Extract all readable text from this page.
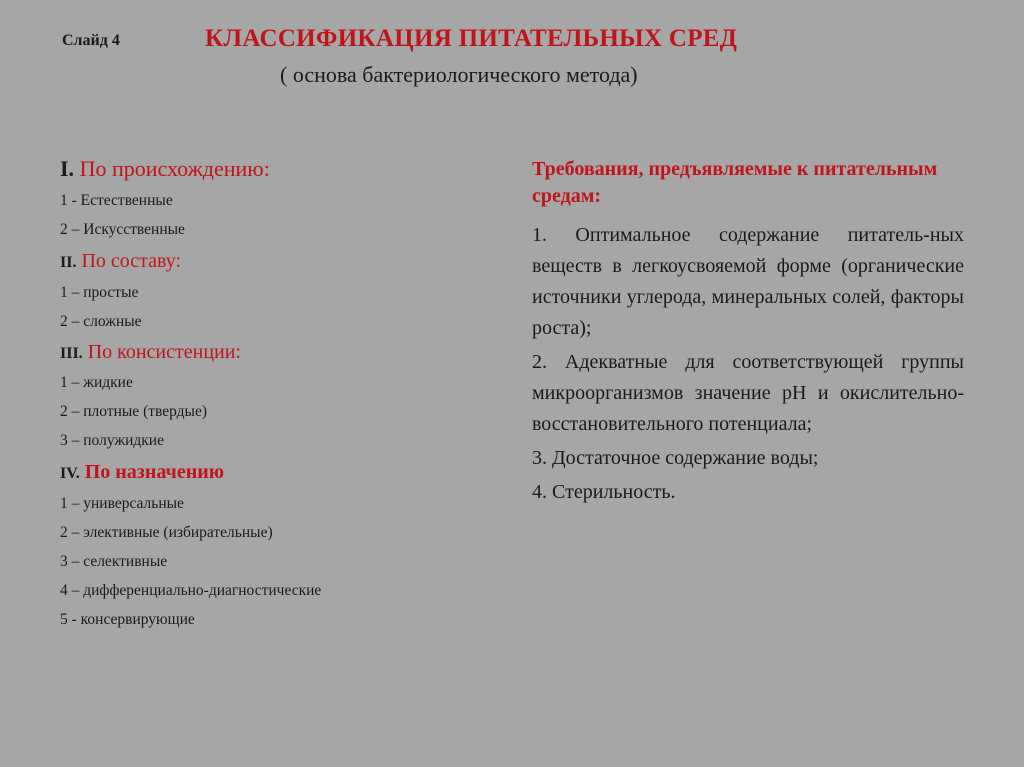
Слайд 4	КЛАССИФИКАЦИЯ ПИТАТЕЛЬНЫХ СРЕД
( основа бактериологического метода)
I. По происхождению:
1 - Естественные
2 – Искусственные
II. По составу:
1 – простые
2 – сложные
III. По консистенции:
1 – жидкие
2 – плотные (твердые)
3 – полужидкие
IV. По назначению
1 – универсальные
2 – элективные (избирательные)
3 – селективные
4 – дифференциально-диагностические
5 - консервирующие
Требования, предъявляемые к питательным средам:
1. Оптимальное содержание питатель-ных веществ в легкоусвояемой форме (органические источники углерода, минеральных солей, факторы роста);
2. Адекватные для соответствующей группы микроорганизмов значение рН и окислительно-восстановительного потенциала;
3. Достаточное содержание воды;
4. Стерильность.
